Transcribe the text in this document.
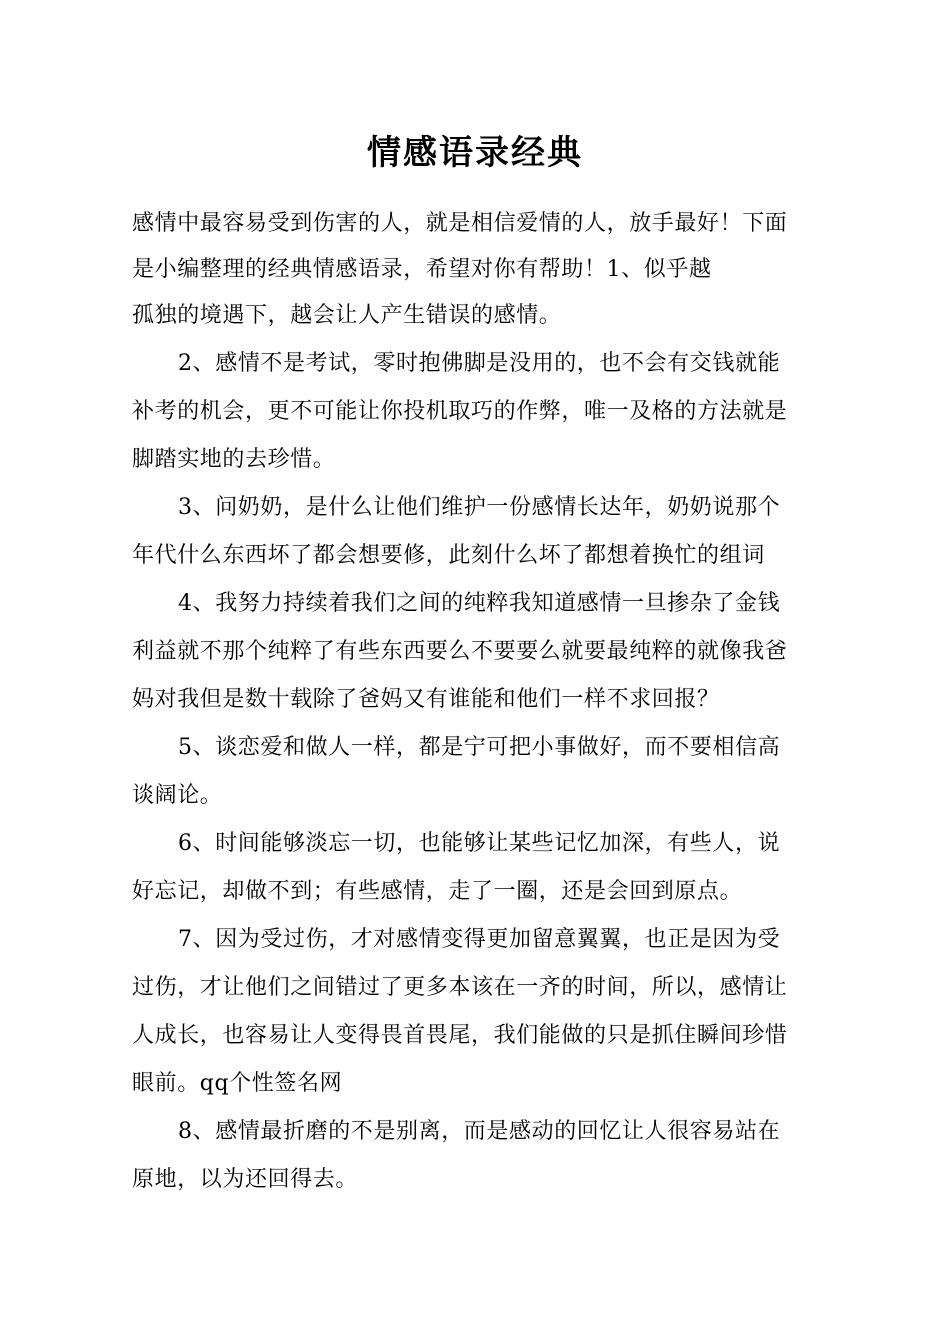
情感语录经典
感情中最容易受到伤害的人，就是相信爱情的人，放手最好！下面
是小编整理的经典情感语录，希望对你有帮助！1、似乎越
孤独的境遇下，越会让人产生错误的感情。
2、感情不是考试，零时抱佛脚是没用的，也不会有交钱就能
补考的机会，更不可能让你投机取巧的作弊，唯一及格的方法就是
脚踏实地的去珍惜。
3、问奶奶，是什么让他们维护一份感情长达年，奶奶说那个
年代什么东西坏了都会想要修，此刻什么坏了都想着换忙的组词
4、我努力持续着我们之间的纯粹我知道感情一旦掺杂了金钱
利益就不那个纯粹了有些东西要么不要要么就要最纯粹的就像我爸
妈对我但是数十载除了爸妈又有谁能和他们一样不求回报？
5、谈恋爱和做人一样，都是宁可把小事做好，而不要相信高
谈阔论。
6、时间能够淡忘一切，也能够让某些记忆加深，有些人，说
好忘记，却做不到；有些感情，走了一圈，还是会回到原点。
7、因为受过伤，才对感情变得更加留意翼翼，也正是因为受
过伤，才让他们之间错过了更多本该在一齐的时间，所以，感情让
人成长，也容易让人变得畏首畏尾，我们能做的只是抓住瞬间珍惜
眼前。qq个性签名网
8、感情最折磨的不是别离，而是感动的回忆让人很容易站在
原地，以为还回得去。
